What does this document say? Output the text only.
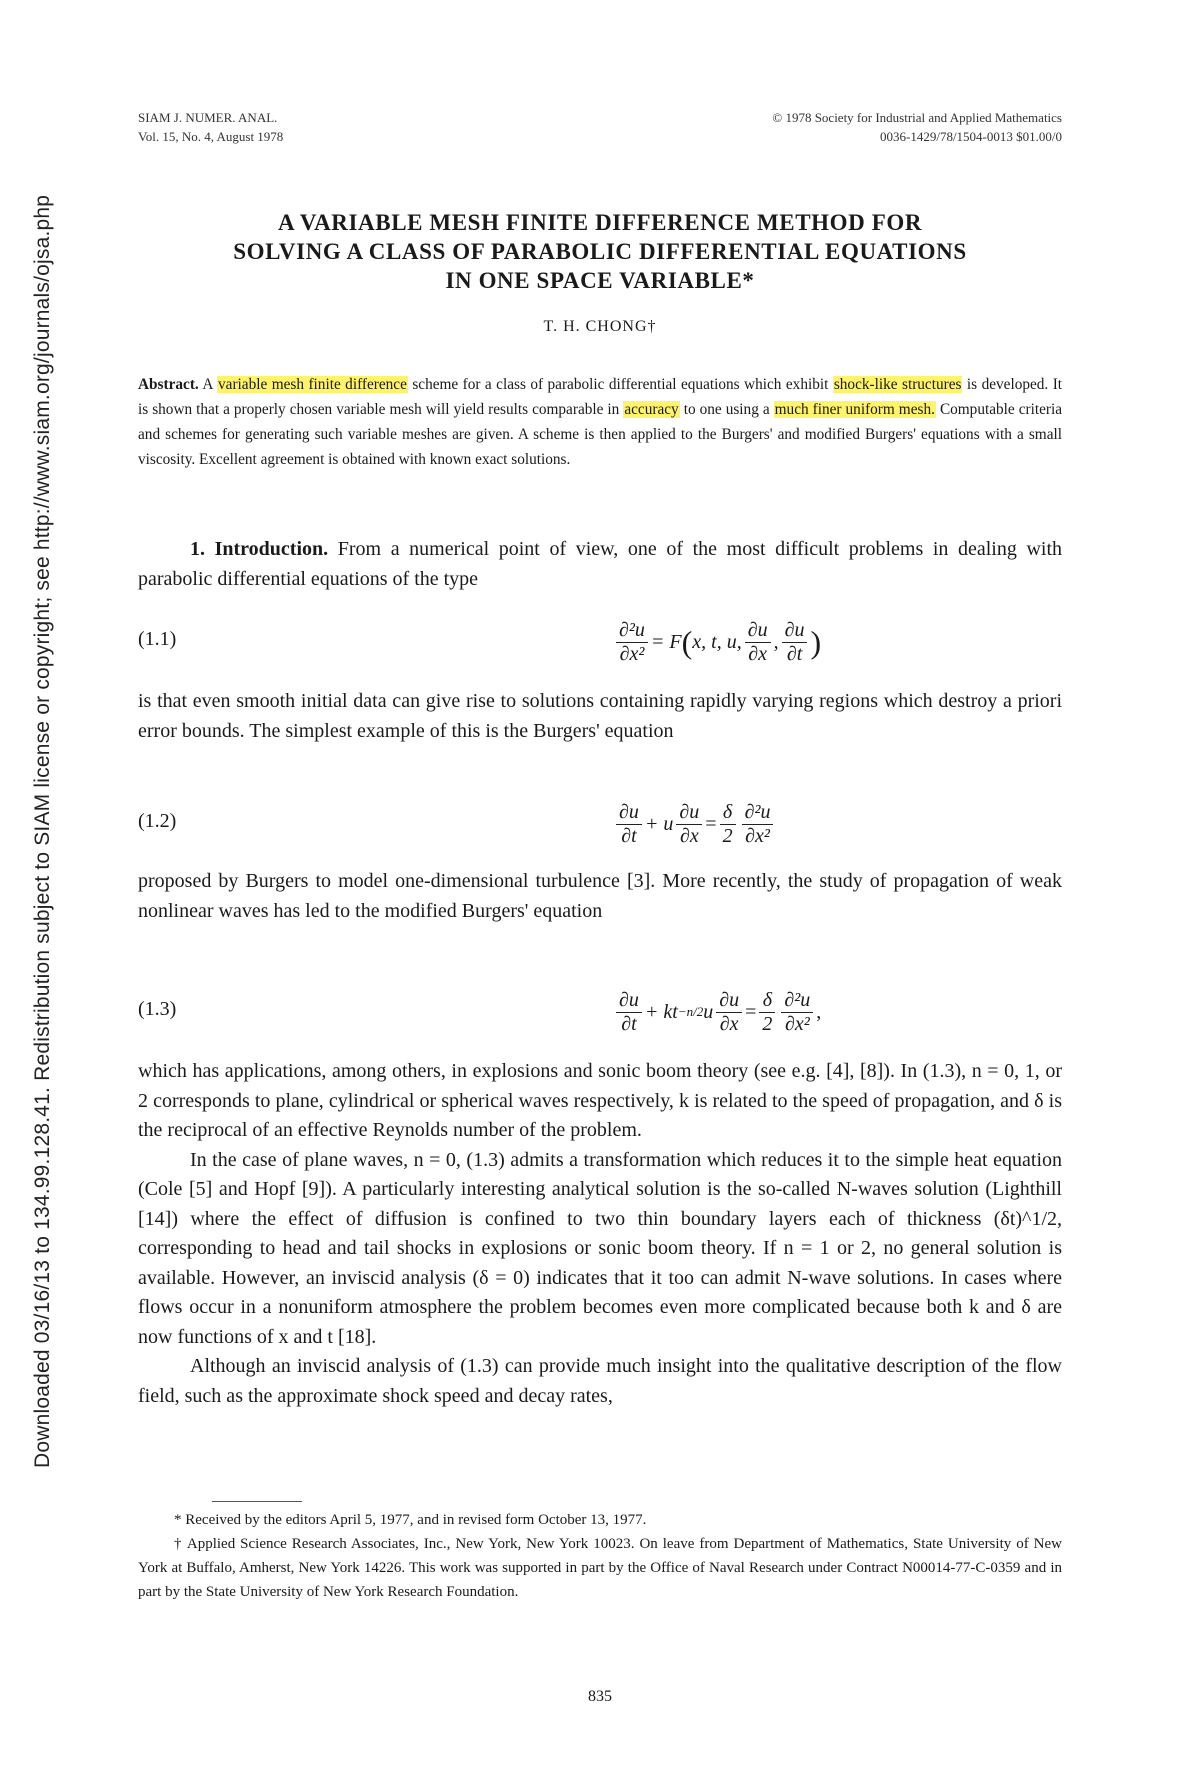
Downloaded 03/16/13 to 134.99.128.41. Redistribution subject to SIAM license or copyright; see http://www.siam.org/journals/ojsa.php
SIAM J. NUMER. ANAL.
Vol. 15, No. 4, August 1978
© 1978 Society for Industrial and Applied Mathematics
0036-1429/78/1504-0013 $01.00/0
A VARIABLE MESH FINITE DIFFERENCE METHOD FOR
SOLVING A CLASS OF PARABOLIC DIFFERENTIAL EQUATIONS
IN ONE SPACE VARIABLE*
T. H. CHONG†
Abstract. A variable mesh finite difference scheme for a class of parabolic differential equations which exhibit shock-like structures is developed. It is shown that a properly chosen variable mesh will yield results comparable in accuracy to one using a much finer uniform mesh. Computable criteria and schemes for generating such variable meshes are given. A scheme is then applied to the Burgers' and modified Burgers' equations with a small viscosity. Excellent agreement is obtained with known exact solutions.

1. Introduction. From a numerical point of view, one of the most difficult problems in dealing with parabolic differential equations of the type

(1.1)	$\frac{\text{∂²u}}{\text{∂x²}} = F$ ( x, t, u, $\frac{\partial u}{\partial x}$ , $\frac{\partial u}{\partial t}$ )

is that even smooth initial data can give rise to solutions containing rapidly varying regions which destroy a priori error bounds. The simplest example of this is the Burgers' equation

(1.2)	$\frac{\partial u}{\partial t} + u \frac{\partial u}{\partial x} = \frac{\delta}{2} \frac{\text{∂²u}}{\text{∂x²}}$

proposed by Burgers to model one-dimensional turbulence [3]. More recently, the study of propagation of weak nonlinear waves has led to the modified Burgers' equation

(1.3)	$\frac{\partial u}{\partial t}$ + kt −n/2 u $\frac{\partial u}{\partial x} = \frac{\delta}{2} \frac{\text{∂²u}}{\text{∂x²}}$ ,

which has applications, among others, in explosions and sonic boom theory (see e.g. [4], [8]). In (1.3), n = 0, 1, or 2 corresponds to plane, cylindrical or spherical waves respectively, k is related to the speed of propagation, and δ is the reciprocal of an effective Reynolds number of the problem.

In the case of plane waves, n = 0, (1.3) admits a transformation which reduces it to the simple heat equation (Cole [5] and Hopf [9]). A particularly interesting analytical solution is the so-called N-waves solution (Lighthill [14]) where the effect of diffusion is confined to two thin boundary layers each of thickness (δt)^1/2, corresponding to head and tail shocks in explosions or sonic boom theory. If n = 1 or 2, no general solution is available. However, an inviscid analysis (δ = 0) indicates that it too can admit N-wave solutions. In cases where flows occur in a nonuniform atmosphere the problem becomes even more complicated because both k and δ are now functions of x and t [18].

Although an inviscid analysis of (1.3) can provide much insight into the qualitative description of the flow field, such as the approximate shock speed and decay rates,

* Received by the editors April 5, 1977, and in revised form October 13, 1977.

† Applied Science Research Associates, Inc., New York, New York 10023. On leave from Department of Mathematics, State University of New York at Buffalo, Amherst, New York 14226. This work was supported in part by the Office of Naval Research under Contract N00014-77-C-0359 and in part by the State University of New York Research Foundation.

835
